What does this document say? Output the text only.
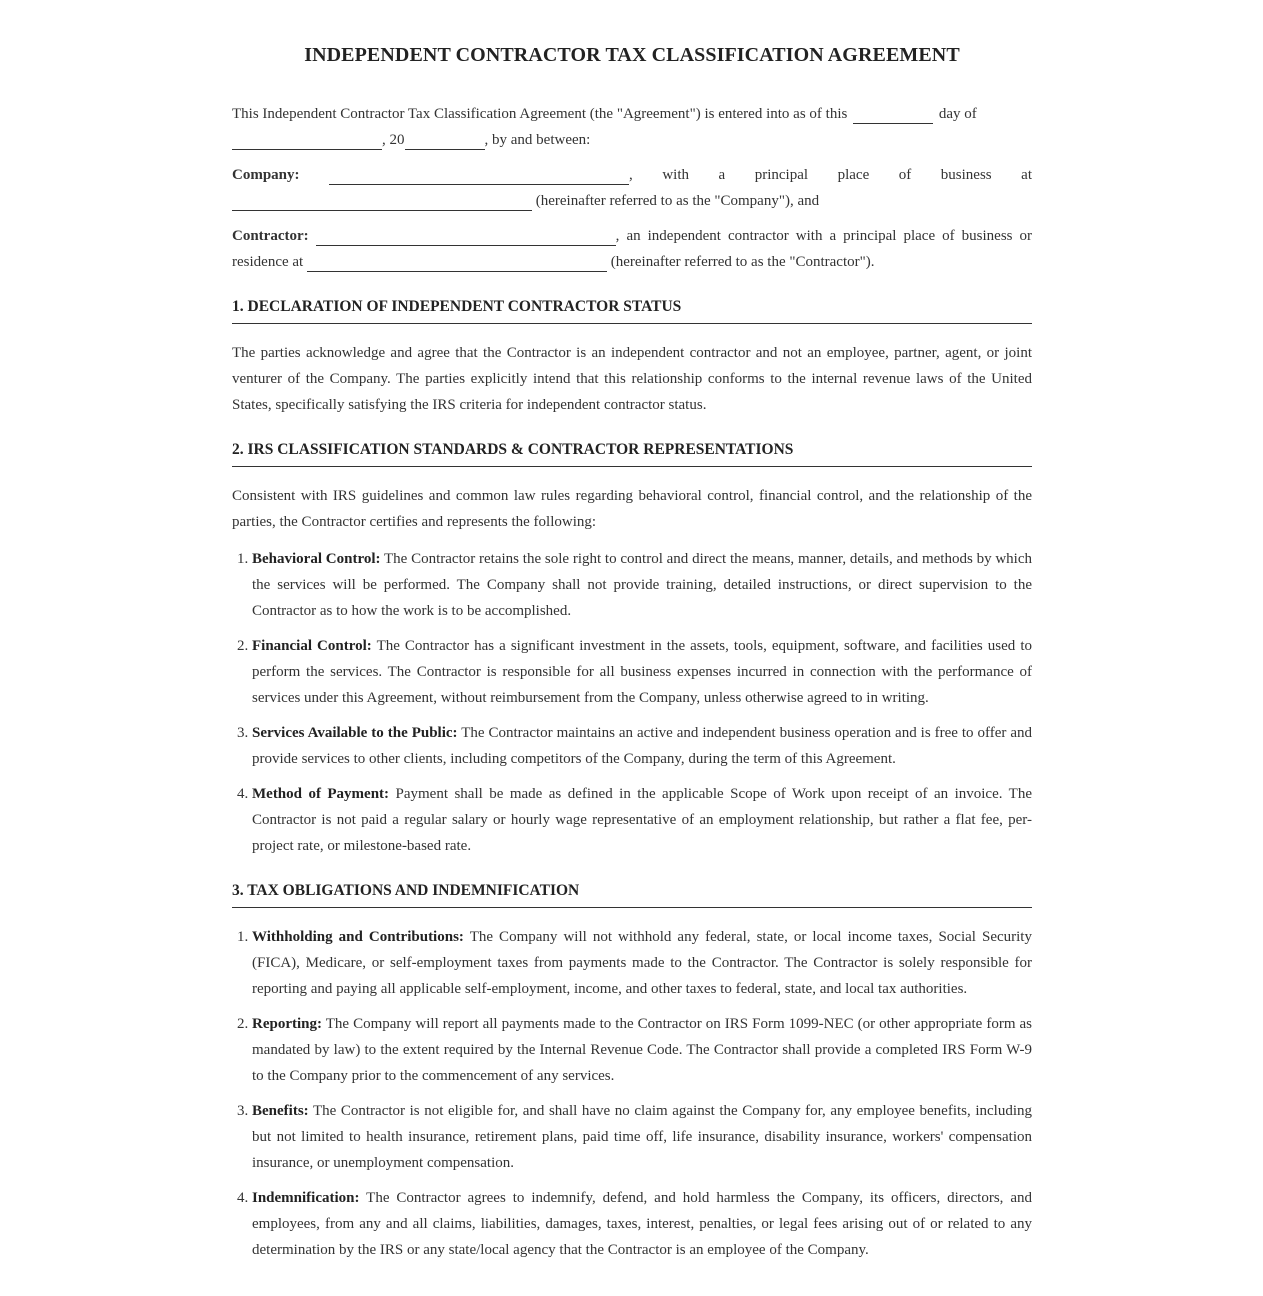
INDEPENDENT CONTRACTOR TAX CLASSIFICATION AGREEMENT

This Independent Contractor Tax Classification Agreement (the "Agreement") is entered into as of this	day of
, 20	, by and between:

Company:	, with a principal place of business at

(hereinafter referred to as the "Company"), and

Contractor:	, an independent contractor with a principal place of business or residence at	(hereinafter referred to as the "Contractor").

1. DECLARATION OF INDEPENDENT CONTRACTOR STATUS

The parties acknowledge and agree that the Contractor is an independent contractor and not an employee, partner, agent, or joint venturer of the Company. The parties explicitly intend that this relationship conforms to the internal revenue laws of the United States, specifically satisfying the IRS criteria for independent contractor status.

2. IRS CLASSIFICATION STANDARDS & CONTRACTOR REPRESENTATIONS

Consistent with IRS guidelines and common law rules regarding behavioral control, financial control, and the relationship of the parties, the Contractor certifies and represents the following:

1. Behavioral Control: The Contractor retains the sole right to control and direct the means, manner, details, and methods by which the services will be performed. The Company shall not provide training, detailed instructions, or direct supervision to the Contractor as to how the work is to be accomplished.
2. Financial Control: The Contractor has a significant investment in the assets, tools, equipment, software, and facilities used to perform the services. The Contractor is responsible for all business expenses incurred in connection with the performance of services under this Agreement, without reimbursement from the Company, unless otherwise agreed to in writing.
3. Services Available to the Public: The Contractor maintains an active and independent business operation and is free to offer and provide services to other clients, including competitors of the Company, during the term of this Agreement.
4. Method of Payment: Payment shall be made as defined in the applicable Scope of Work upon receipt of an invoice. The Contractor is not paid a regular salary or hourly wage representative of an employment relationship, but rather a flat fee, per-project rate, or milestone-based rate.
3. TAX OBLIGATIONS AND INDEMNIFICATION
1. Withholding and Contributions: The Company will not withhold any federal, state, or local income taxes, Social Security (FICA), Medicare, or self-employment taxes from payments made to the Contractor. The Contractor is solely responsible for reporting and paying all applicable self-employment, income, and other taxes to federal, state, and local tax authorities.
2. Reporting: The Company will report all payments made to the Contractor on IRS Form 1099-NEC (or other appropriate form as mandated by law) to the extent required by the Internal Revenue Code. The Contractor shall provide a completed IRS Form W-9 to the Company prior to the commencement of any services.
3. Benefits: The Contractor is not eligible for, and shall have no claim against the Company for, any employee benefits, including but not limited to health insurance, retirement plans, paid time off, life insurance, disability insurance, workers' compensation insurance, or unemployment compensation.
4. Indemnification: The Contractor agrees to indemnify, defend, and hold harmless the Company, its officers, directors, and employees, from any and all claims, liabilities, damages, taxes, interest, penalties, or legal fees arising out of or related to any determination by the IRS or any state/local agency that the Contractor is an employee of the Company.
